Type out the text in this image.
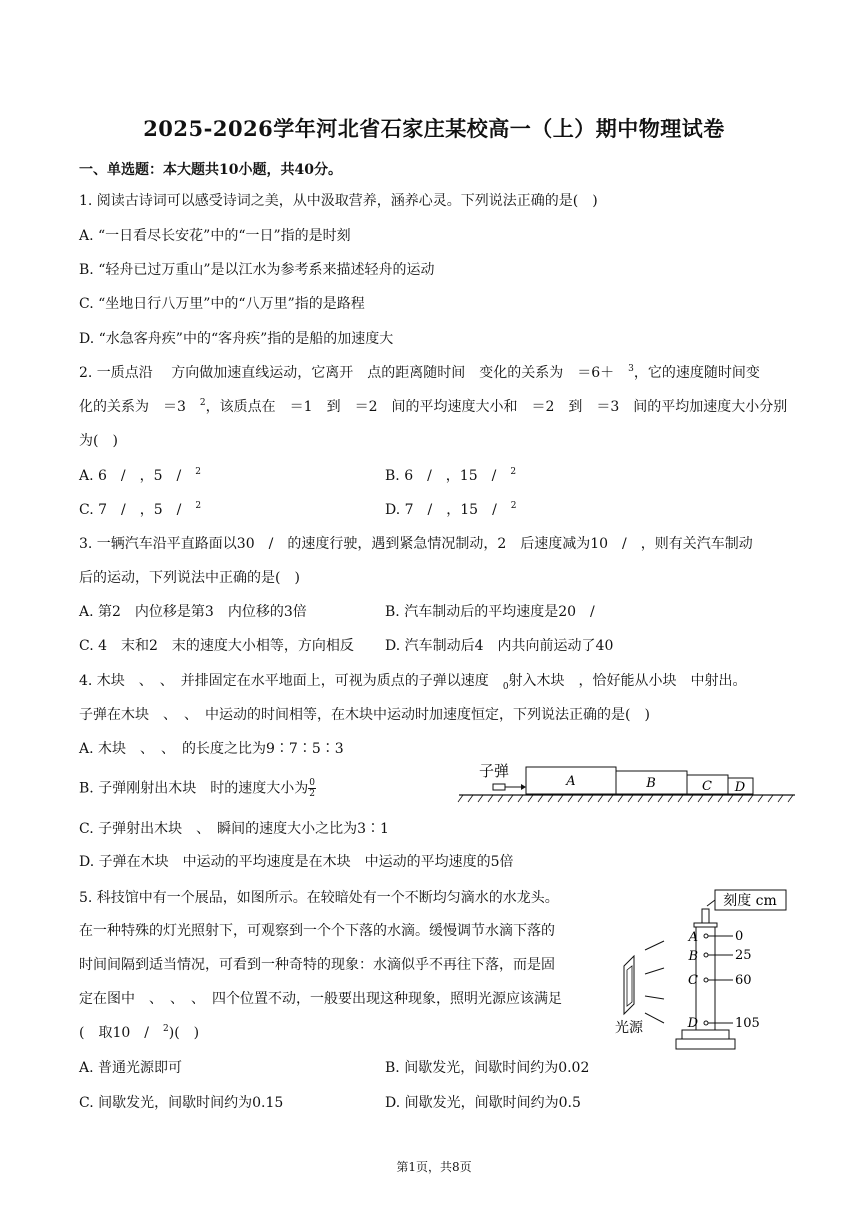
2025-2026学年河北省石家庄某校高一（上）期中物理试卷
一、单选题：本大题共10小题，共40分。
1. 阅读古诗词可以感受诗词之美，从中汲取营养，涵养心灵。下列说法正确的是(　)
A. “一日看尽长安花”中的“一日”指的是时刻
B. “轻舟已过万重山”是以江水为参考系来描述轻舟的运动
C. “坐地日行八万里”中的“八万里”指的是路程
D. “水急客舟疾”中的“客舟疾”指的是船的加速度大
2. 一质点沿　 方向做加速直线运动，它离开　点的距离随时间　变化的关系为　＝6＋　$^3$，它的速度随时间变
化的关系为　＝3　$^2$，该质点在　＝1　到　＝2　间的平均速度大小和　＝2　到　＝3　间的平均加速度大小分别
为(　)
A. 6　/　，5　/　$^2$	B. 6　/　，15　/　$^2$
C. 7　/　，5　/　$^2$	D. 7　/　，15　/　$^2$
3. 一辆汽车沿平直路面以30　/　的速度行驶，遇到紧急情况制动，2　后速度减为10　/　，则有关汽车制动
后的运动，下列说法中正确的是(　)
A. 第2　内位移是第3　内位移的3倍	B. 汽车制动后的平均速度是20　/
C. 4　末和2　末的速度大小相等，方向相反 D. 汽车制动后4　内共向前运动了40
4. 木块　、　、　并排固定在水平地面上，可视为质点的子弹以速度　$_0$射入木块　，恰好能从小块　中射出。
子弹在木块　、　、　中运动的时间相等，在木块中运动时加速度恒定，下列说法正确的是(　)
A. 木块　、　、　的长度之比为9∶7∶5∶3
B. 子弹刚射出木块　时的速度大小为 $\frac{0}{2}$
C. 子弹射出木块　、　瞬间的速度大小之比为3∶1
D. 子弹在木块　中运动的平均速度是在木块　中运动的平均速度的5倍
子弹
A	B	C D
5. 科技馆中有一个展品，如图所示。在较暗处有一个不断均匀滴水的水龙头。
在一种特殊的灯光照射下，可观察到一个个下落的水滴。缓慢调节水滴下落的
时间间隔到适当情况，可看到一种奇特的现象：水滴似乎不再往下落，而是固
定在图中　、　、　、　四个位置不动，一般要出现这种现象，照明光源应该满足
(　取10　/　$^2$)(　)
A. 普通光源即可	B. 间歇发光，间歇时间约为0.02
C. 间歇发光，间歇时间约为0.15	D. 间歇发光，间歇时间约为0.5
刻度 cm
A
B
C
D
0
25
60
105
光源
第1页，共8页
